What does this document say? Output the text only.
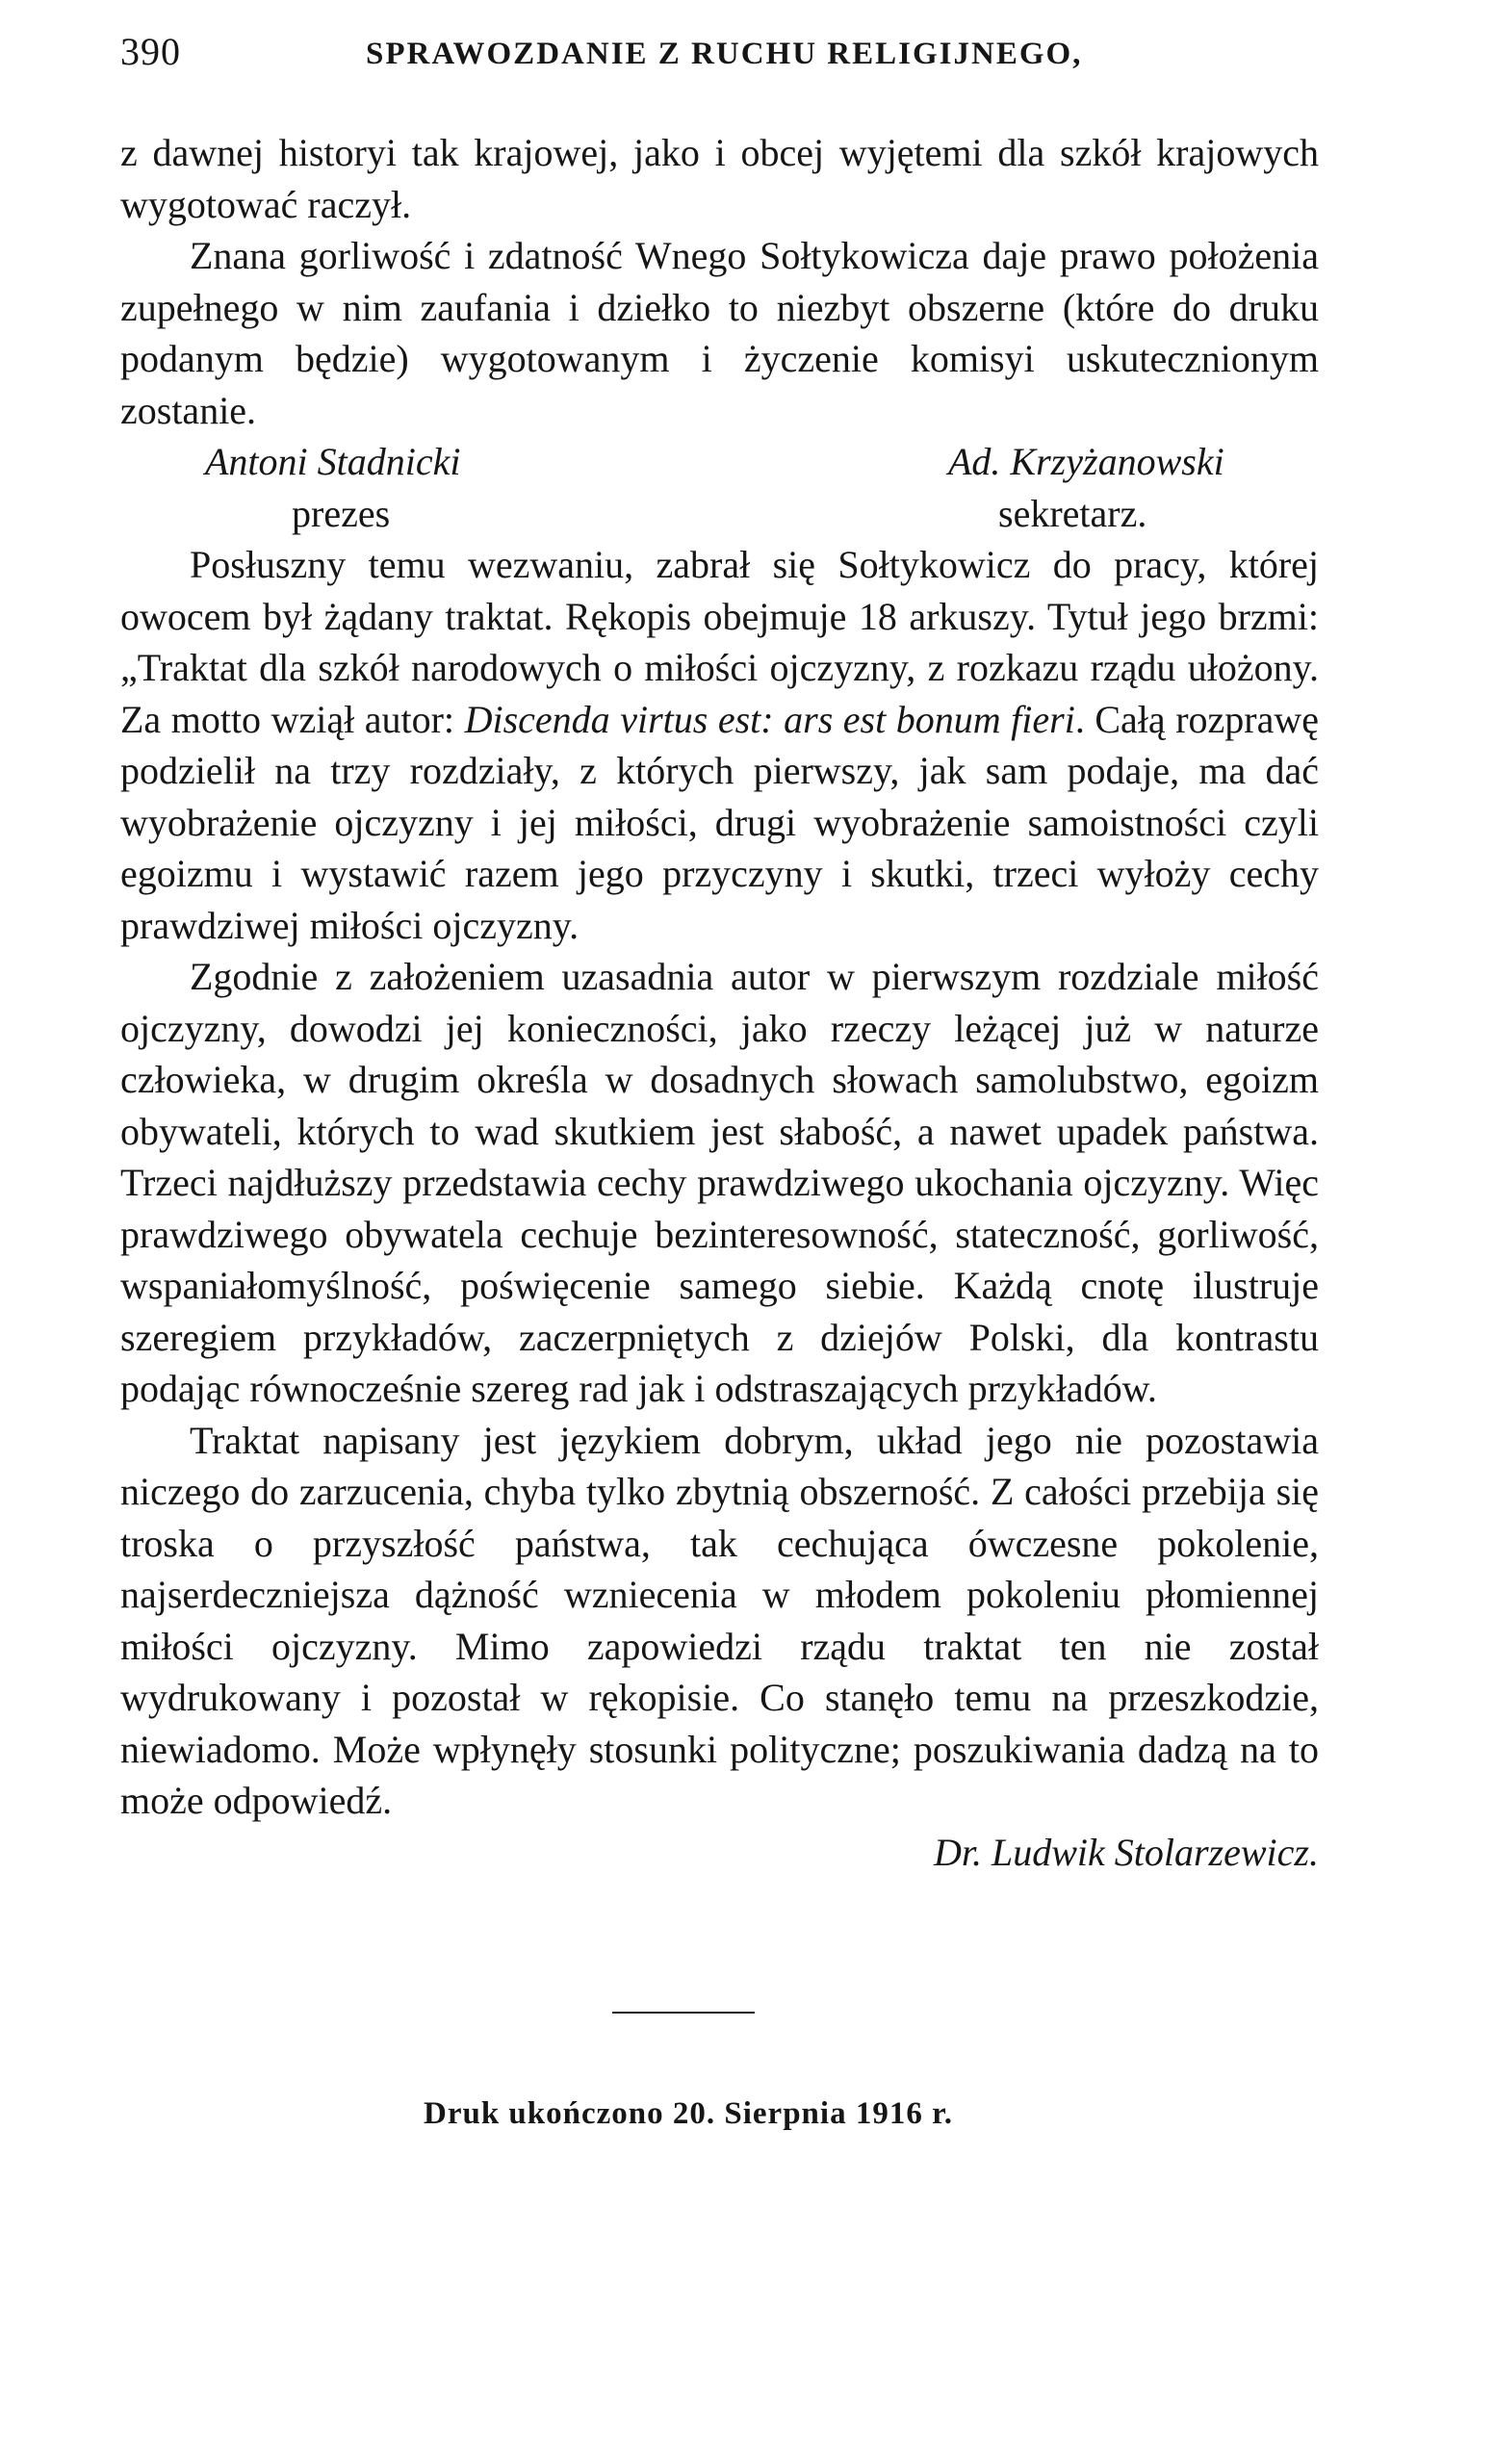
390	SPRAWOZDANIE Z RUCHU RELIGIJNEGO,

z dawnej historyi tak krajowej, jako i obcej wyjętemi dla szkół krajowych wygotować raczył.

Znana gorliwość i zdatność Wnego Sołtykowicza daje prawo położenia zupełnego w nim zaufania i dziełko to niezbyt obszerne (które do druku podanym będzie) wygotowanym i życzenie komisyi uskutecznionym zostanie.

Antoni Stadnicki	Ad. Krzyżanowski
prezes	sekretarz.

Posłuszny temu wezwaniu, zabrał się Sołtykowicz do pracy, której owocem był żądany traktat. Rękopis obejmuje 18 arkuszy. Tytuł jego brzmi: „Traktat dla szkół narodowych o miłości ojczyzny, z rozkazu rządu ułożony. Za motto wziął autor: Discenda virtus est: ars est bonum fieri. Całą rozprawę podzielił na trzy rozdziały, z których pierwszy, jak sam podaje, ma dać wyobrażenie ojczyzny i jej miłości, drugi wyobrażenie samoistności czyli egoizmu i wystawić razem jego przyczyny i skutki, trzeci wyłoży cechy prawdziwej miłości ojczyzny.

Zgodnie z założeniem uzasadnia autor w pierwszym rozdziale miłość ojczyzny, dowodzi jej konieczności, jako rzeczy leżącej już w naturze człowieka, w drugim określa w dosadnych słowach samolubstwo, egoizm obywateli, których to wad skutkiem jest słabość, a nawet upadek państwa. Trzeci najdłuższy przedstawia cechy prawdziwego ukochania ojczyzny. Więc prawdziwego obywatela cechuje bezinteresowność, stateczność, gorliwość, wspaniałomyślność, poświęcenie samego siebie. Każdą cnotę ilustruje szeregiem przykładów, zaczerpniętych z dziejów Polski, dla kontrastu podając równocześnie szereg rad jak i odstraszających przykładów.

Traktat napisany jest językiem dobrym, układ jego nie pozostawia niczego do zarzucenia, chyba tylko zbytnią obszerność. Z całości przebija się troska o przyszłość państwa, tak cechująca ówczesne pokolenie, najserdeczniejsza dążność wzniecenia w młodem pokoleniu płomiennej miłości ojczyzny. Mimo zapowiedzi rządu traktat ten nie został wydrukowany i pozostał w rękopisie. Co stanęło temu na przeszkodzie, niewiadomo. Może wpłynęły stosunki polityczne; poszukiwania dadzą na to może odpowiedź.

Dr. Ludwik Stolarzewicz.

Druk ukończono 20. Sierpnia 1916 r.
